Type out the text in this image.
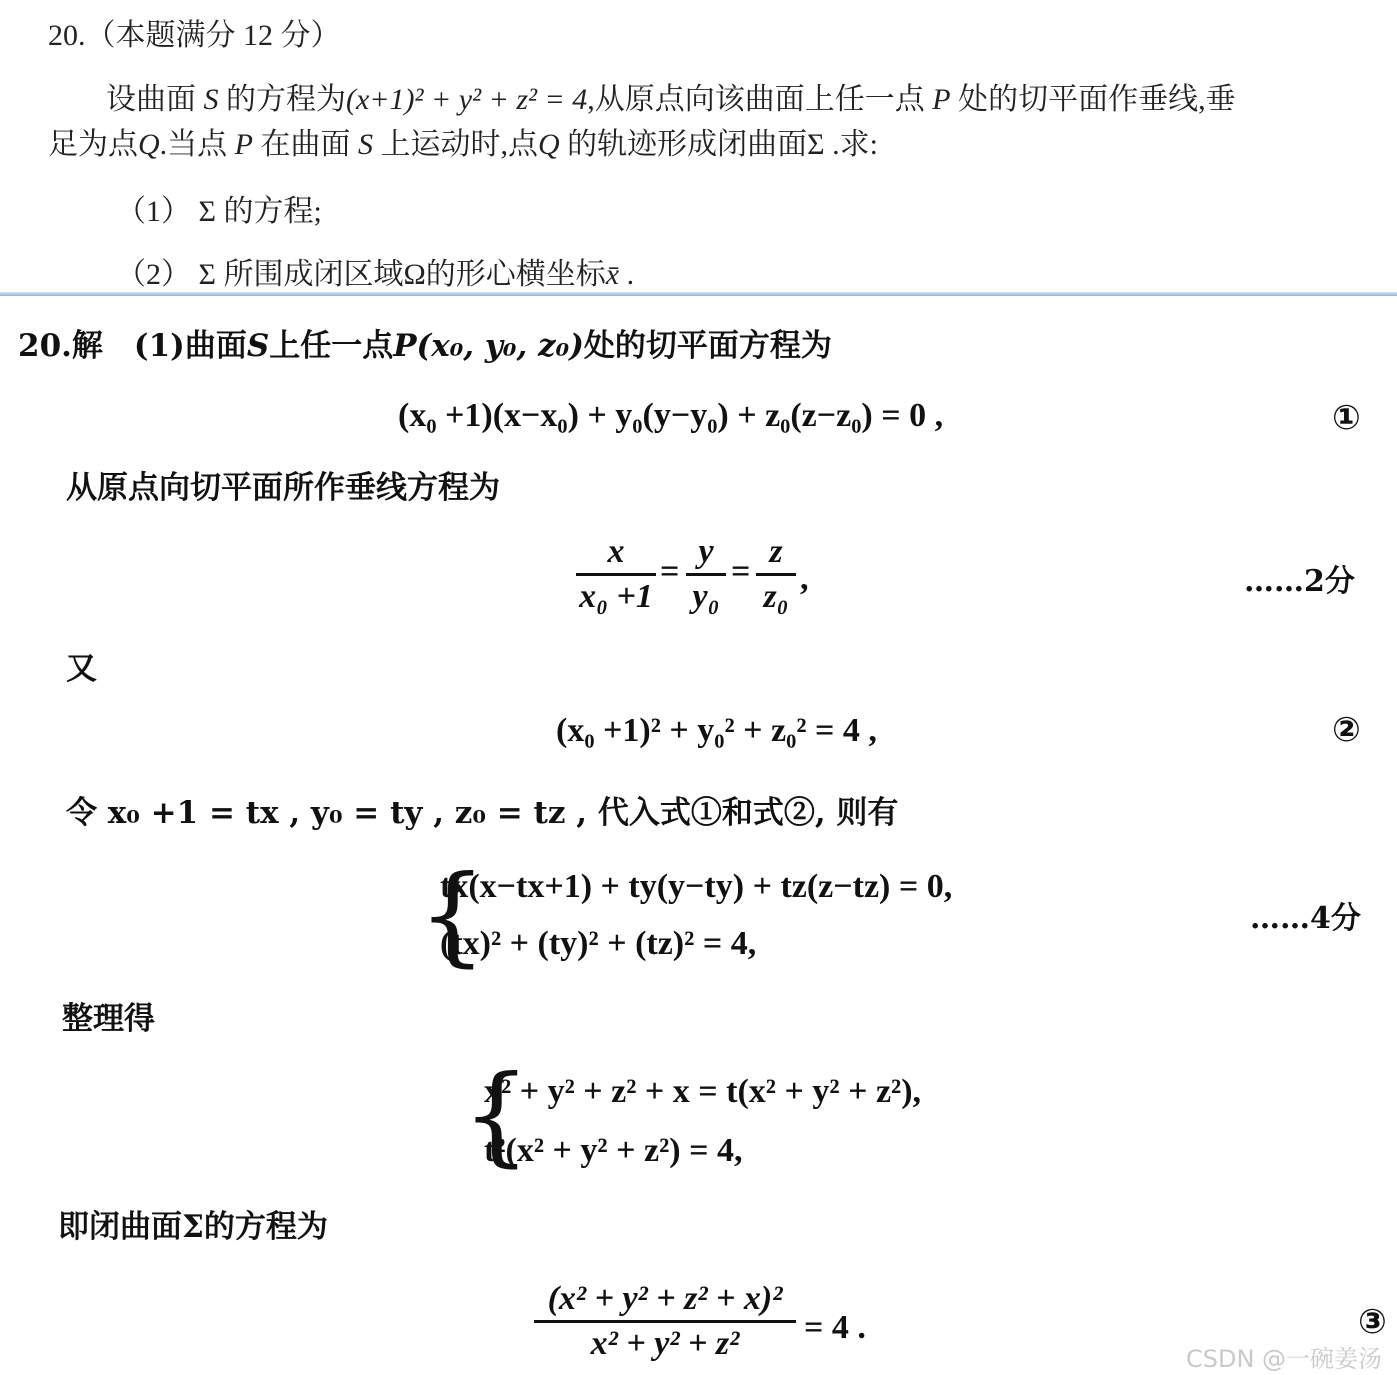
20.（本题满分 12 分）
设曲面 S 的方程为(x+1)² + y² + z² = 4,从原点向该曲面上任一点 P 处的切平面作垂线,垂
足为点Q.当点 P 在曲面 S 上运动时,点Q 的轨迹形成闭曲面Σ .求:
（1） Σ 的方程;
（2） Σ 所围成闭区域Ω的形心横坐标x̄ .
20.解　(1)曲面S上任一点P(x₀, y₀, z₀)处的切平面方程为
(x₀ +1)(x−x₀) + y₀(y−y₀) + z₀(z−z₀) = 0 ,	①
从原点向切平面所作垂线方程为
x
x₀ +1
=
y
y₀
=
z
z₀ ,	……2分
又
(x₀ +1)² + y₀² + z₀² = 4 ,	②
令 x₀ +1 = tx , y₀ = ty , z₀ = tz , 代入式①和式②, 则有
{
tx(x−tx+1) + ty(y−ty) + tz(z−tz) = 0,
(tx)² + (ty)² + (tz)² = 4,
……4分
整理得
{
x² + y² + z² + x = t(x² + y² + z²),
t²(x² + y² + z²) = 4,
即闭曲面Σ的方程为
(x² + y² + z² + x)²
x² + y² + z²	= 4 .	③
CSDN @一碗姜汤
